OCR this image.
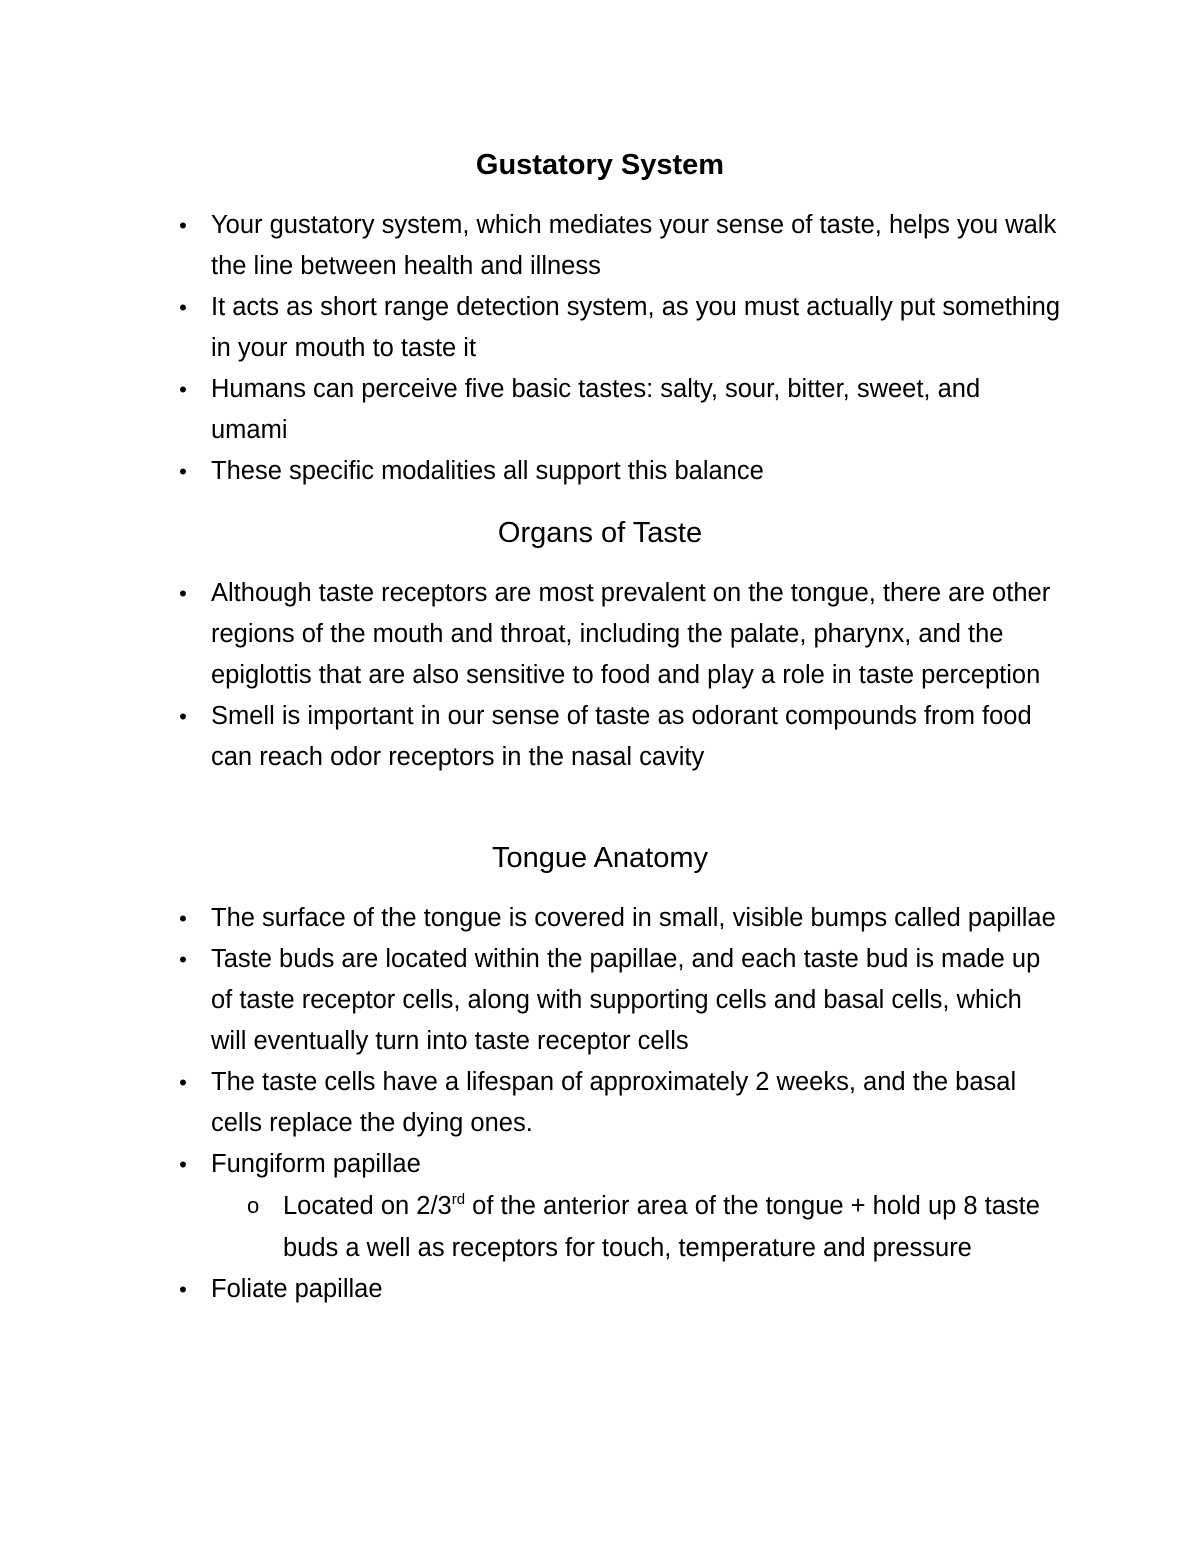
Gustatory System
• Your gustatory system, which mediates your sense of taste, helps you walk the line between health and illness
• It acts as short range detection system, as you must actually put something in your mouth to taste it
• Humans can perceive five basic tastes: salty, sour, bitter, sweet, and umami
• These specific modalities all support this balance
Organs of Taste
• Although taste receptors are most prevalent on the tongue, there are other regions of the mouth and throat, including the palate, pharynx, and the epiglottis that are also sensitive to food and play a role in taste perception
• Smell is important in our sense of taste as odorant compounds from food can reach odor receptors in the nasal cavity
Tongue Anatomy
• The surface of the tongue is covered in small, visible bumps called papillae
• Taste buds are located within the papillae, and each taste bud is made up of taste receptor cells, along with supporting cells and basal cells, which will eventually turn into taste receptor cells
• The taste cells have a lifespan of approximately 2 weeks, and the basal cells replace the dying ones.
• Fungiform papillae
o Located on 2/3rd of the anterior area of the tongue + hold up 8 taste buds a well as receptors for touch, temperature and pressure
• Foliate papillae
